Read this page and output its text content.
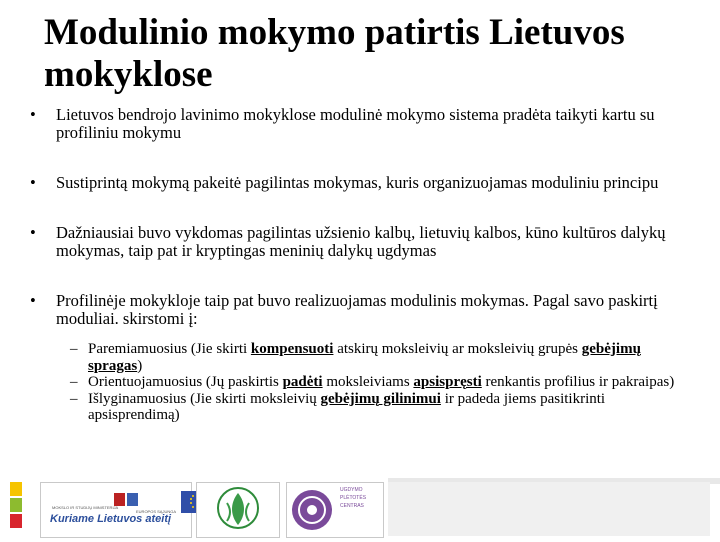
Modulinio mokymo patirtis Lietuvos mokyklose
• Lietuvos bendrojo lavinimo mokyklose modulinė mokymo sistema pradėta taikyti kartu su profiliniu mokymu
• Sustiprintą mokymą pakeitė pagilintas mokymas, kuris organizuojamas moduliniu principu
• Dažniausiai buvo vykdomas pagilintas užsienio kalbų, lietuvių kalbos, kūno kultūros dalykų mokymas, taip pat ir kryptingas meninių dalykų ugdymas
• Profilinėje mokykloje taip pat buvo realizuojamas modulinis mokymas. Pagal savo paskirtį moduliai. skirstomi į:
– Paremiamuosius (Jie skirti kompensuoti atskirų moksleivių ar moksleivių grupės gebėjimų spragas)
– Orientuojamuosius (Jų paskirtis padėti moksleiviams apsispręsti renkantis profilius ir pakraipas)
– Išlyginamuosius (Jie skirti moksleivių gebėjimų gilinimui ir padeda jiems pasitikrinti apsisprendimą)
MOKSLO IR STUDIJŲ MINISTERIJA
EUROPOS SĄJUNGA
Kuriame Lietuvos ateitį
UGDYMO PLĖTOTĖS CENTRAS
